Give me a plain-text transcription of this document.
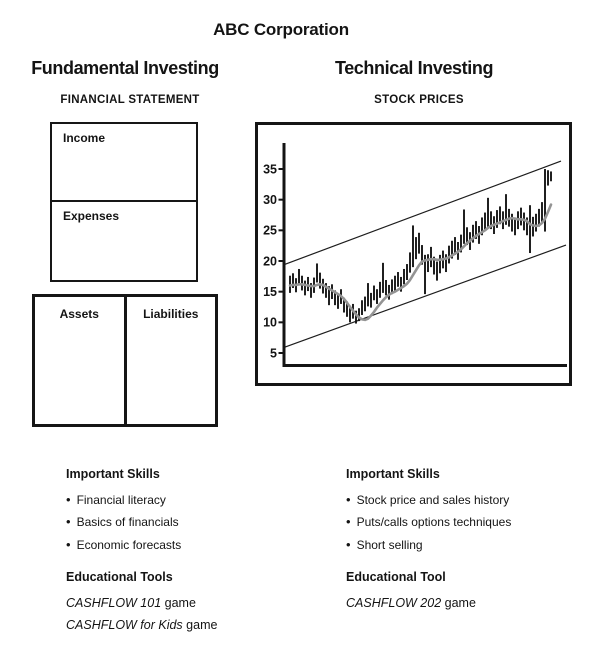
ABC Corporation
Fundamental Investing	Technical Investing
FINANCIAL STATEMENT	STOCK PRICES
Income
Expenses
Assets	Liabilities
35
30
25
20
15
10
5
Important Skills
• Financial literacy
• Basics of financials
• Economic forecasts
Educational Tools
CASHFLOW 101 game
CASHFLOW for Kids game
Important Skills
• Stock price and sales history
• Puts/calls options techniques
• Short selling
Educational Tool
CASHFLOW 202 game
